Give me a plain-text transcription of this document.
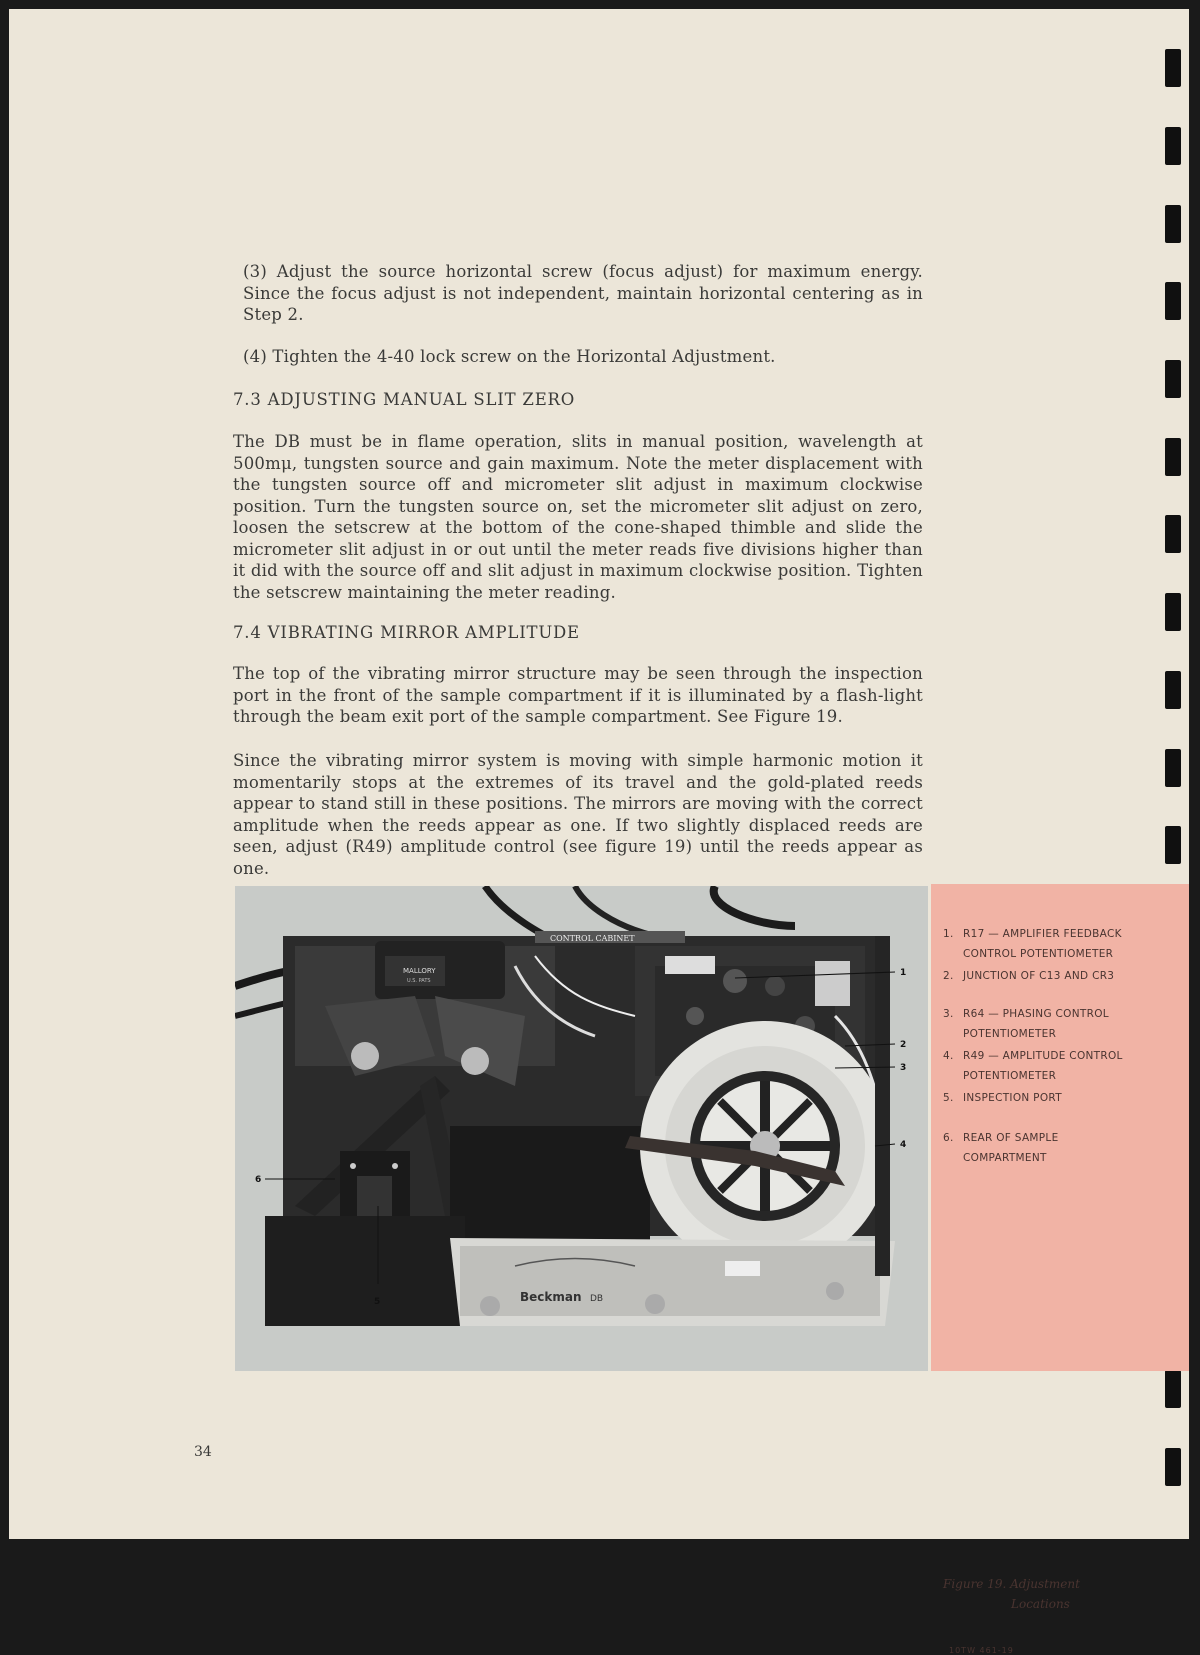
(3) Adjust the source horizontal screw (focus adjust) for maximum energy. Since the focus adjust is not independent, maintain horizontal centering as in Step 2.

(4) Tighten the 4-40 lock screw on the Horizontal Adjustment.

7.3 ADJUSTING MANUAL SLIT ZERO

The DB must be in flame operation, slits in manual position, wavelength at 500mμ, tungsten source and gain maximum. Note the meter displacement with the tungsten source off and micrometer slit adjust in maximum clockwise position. Turn the tungsten source on, set the micrometer slit adjust on zero, loosen the setscrew at the bottom of the cone-shaped thimble and slide the micrometer slit adjust in or out until the meter reads five divisions higher than it did with the source off and slit adjust in maximum clockwise position. Tighten the setscrew maintaining the meter reading.

7.4 VIBRATING MIRROR AMPLITUDE

The top of the vibrating mirror structure may be seen through the inspection port in the front of the sample compartment if it is illuminated by a flash-light through the beam exit port of the sample compartment. See Figure 19.

Since the vibrating mirror system is moving with simple harmonic motion it momentarily stops at the extremes of its travel and the gold-plated reeds appear to stand still in these positions. The mirrors are moving with the correct amplitude when the reeds appear as one. If two slightly displaced reeds are seen, adjust (R49) amplitude control (see figure 19) until the reeds appear as one.

34
MALLORY
U.S. PATS
CONTROL CABINET
Beckman DB
1
2
3
4
5
6
1. R17 — AMPLIFIER FEEDBACK CONTROL POTENTIOMETER
2. JUNCTION OF C13 AND CR3
3. R64 — PHASING CONTROL POTENTIOMETER
4. R49 — AMPLITUDE CONTROL POTENTIOMETER
5. INSPECTION PORT
6. REAR OF SAMPLE COMPARTMENT
Figure 19. Adjustment
Locations
10TW 461-19
